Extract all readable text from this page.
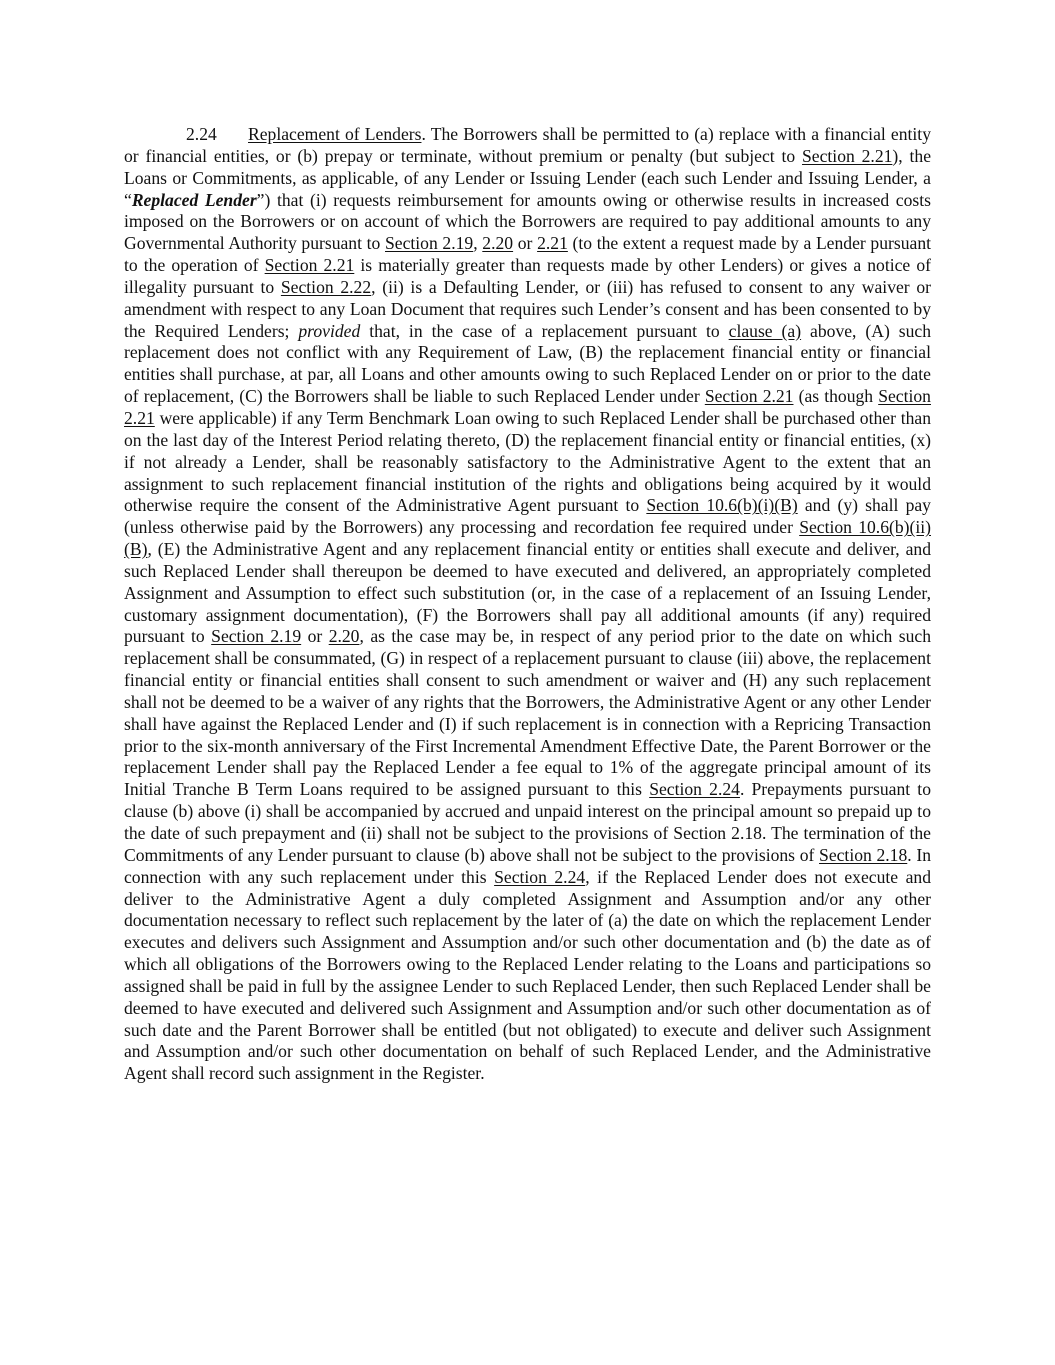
2.24 Replacement of Lenders. The Borrowers shall be permitted to (a) replace with a financial entity or financial entities, or (b) prepay or terminate, without premium or penalty (but subject to Section 2.21), the Loans or Commitments, as applicable, of any Lender or Issuing Lender (each such Lender and Issuing Lender, a “Replaced Lender”) that (i) requests reimbursement for amounts owing or otherwise results in increased costs imposed on the Borrowers or on account of which the Borrowers are required to pay additional amounts to any Governmental Authority pursuant to Section 2.19, 2.20 or 2.21 (to the extent a request made by a Lender pursuant to the operation of Section 2.21 is materially greater than requests made by other Lenders) or gives a notice of illegality pursuant to Section 2.22, (ii) is a Defaulting Lender, or (iii) has refused to consent to any waiver or amendment with respect to any Loan Document that requires such Lender’s consent and has been consented to by the Required Lenders; provided that, in the case of a replacement pursuant to clause (a) above, (A) such replacement does not conflict with any Requirement of Law, (B) the replacement financial entity or financial entities shall purchase, at par, all Loans and other amounts owing to such Replaced Lender on or prior to the date of replacement, (C) the Borrowers shall be liable to such Replaced Lender under Section 2.21 (as though Section 2.21 were applicable) if any Term Benchmark Loan owing to such Replaced Lender shall be purchased other than on the last day of the Interest Period relating thereto, (D) the replacement financial entity or financial entities, (x) if not already a Lender, shall be reasonably satisfactory to the Administrative Agent to the extent that an assignment to such replacement financial institution of the rights and obligations being acquired by it would otherwise require the consent of the Administrative Agent pursuant to Section 10.6(b)(i)(B) and (y) shall pay (unless otherwise paid by the Borrowers) any processing and recordation fee required under Section 10.6(b)(ii)(B), (E) the Administrative Agent and any replacement financial entity or entities shall execute and deliver, and such Replaced Lender shall thereupon be deemed to have executed and delivered, an appropriately completed Assignment and Assumption to effect such substitution (or, in the case of a replacement of an Issuing Lender, customary assignment documentation), (F) the Borrowers shall pay all additional amounts (if any) required pursuant to Section 2.19 or 2.20, as the case may be, in respect of any period prior to the date on which such replacement shall be consummated, (G) in respect of a replacement pursuant to clause (iii) above, the replacement financial entity or financial entities shall consent to such amendment or waiver and (H) any such replacement shall not be deemed to be a waiver of any rights that the Borrowers, the Administrative Agent or any other Lender shall have against the Replaced Lender and (I) if such replacement is in connection with a Repricing Transaction prior to the six-month anniversary of the First Incremental Amendment Effective Date, the Parent Borrower or the replacement Lender shall pay the Replaced Lender a fee equal to 1% of the aggregate principal amount of its Initial Tranche B Term Loans required to be assigned pursuant to this Section 2.24. Prepayments pursuant to clause (b) above (i) shall be accompanied by accrued and unpaid interest on the principal amount so prepaid up to the date of such prepayment and (ii) shall not be subject to the provisions of Section 2.18. The termination of the Commitments of any Lender pursuant to clause (b) above shall not be subject to the provisions of Section 2.18. In connection with any such replacement under this Section 2.24, if the Replaced Lender does not execute and deliver to the Administrative Agent a duly completed Assignment and Assumption and/or any other documentation necessary to reflect such replacement by the later of (a) the date on which the replacement Lender executes and delivers such Assignment and Assumption and/or such other documentation and (b) the date as of which all obligations of the Borrowers owing to the Replaced Lender relating to the Loans and participations so assigned shall be paid in full by the assignee Lender to such Replaced Lender, then such Replaced Lender shall be deemed to have executed and delivered such Assignment and Assumption and/or such other documentation as of such date and the Parent Borrower shall be entitled (but not obligated) to execute and deliver such Assignment and Assumption and/or such other documentation on behalf of such Replaced Lender, and the Administrative Agent shall record such assignment in the Register.
